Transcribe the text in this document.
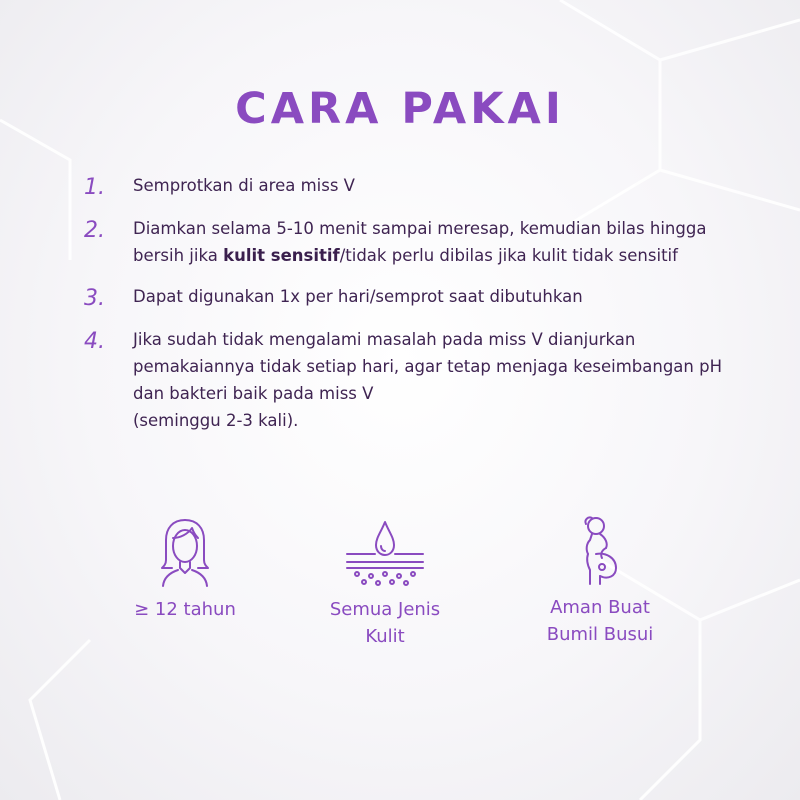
CARA PAKAI
1.	Semprotkan di area miss V
2.	Diamkan selama 5-10 menit sampai meresap, kemudian bilas hingga bersih jika kulit sensitif/tidak perlu dibilas jika kulit tidak sensitif
3.	Dapat digunakan 1x per hari/semprot saat dibutuhkan
4.	Jika sudah tidak mengalami masalah pada miss V dianjurkan pemakaiannya tidak setiap hari, agar tetap menjaga keseimbangan pH dan bakteri baik pada miss V
(seminggu 2-3 kali).
≥ 12 tahun	Semua Jenis
Kulit
Aman Buat
Bumil Busui
